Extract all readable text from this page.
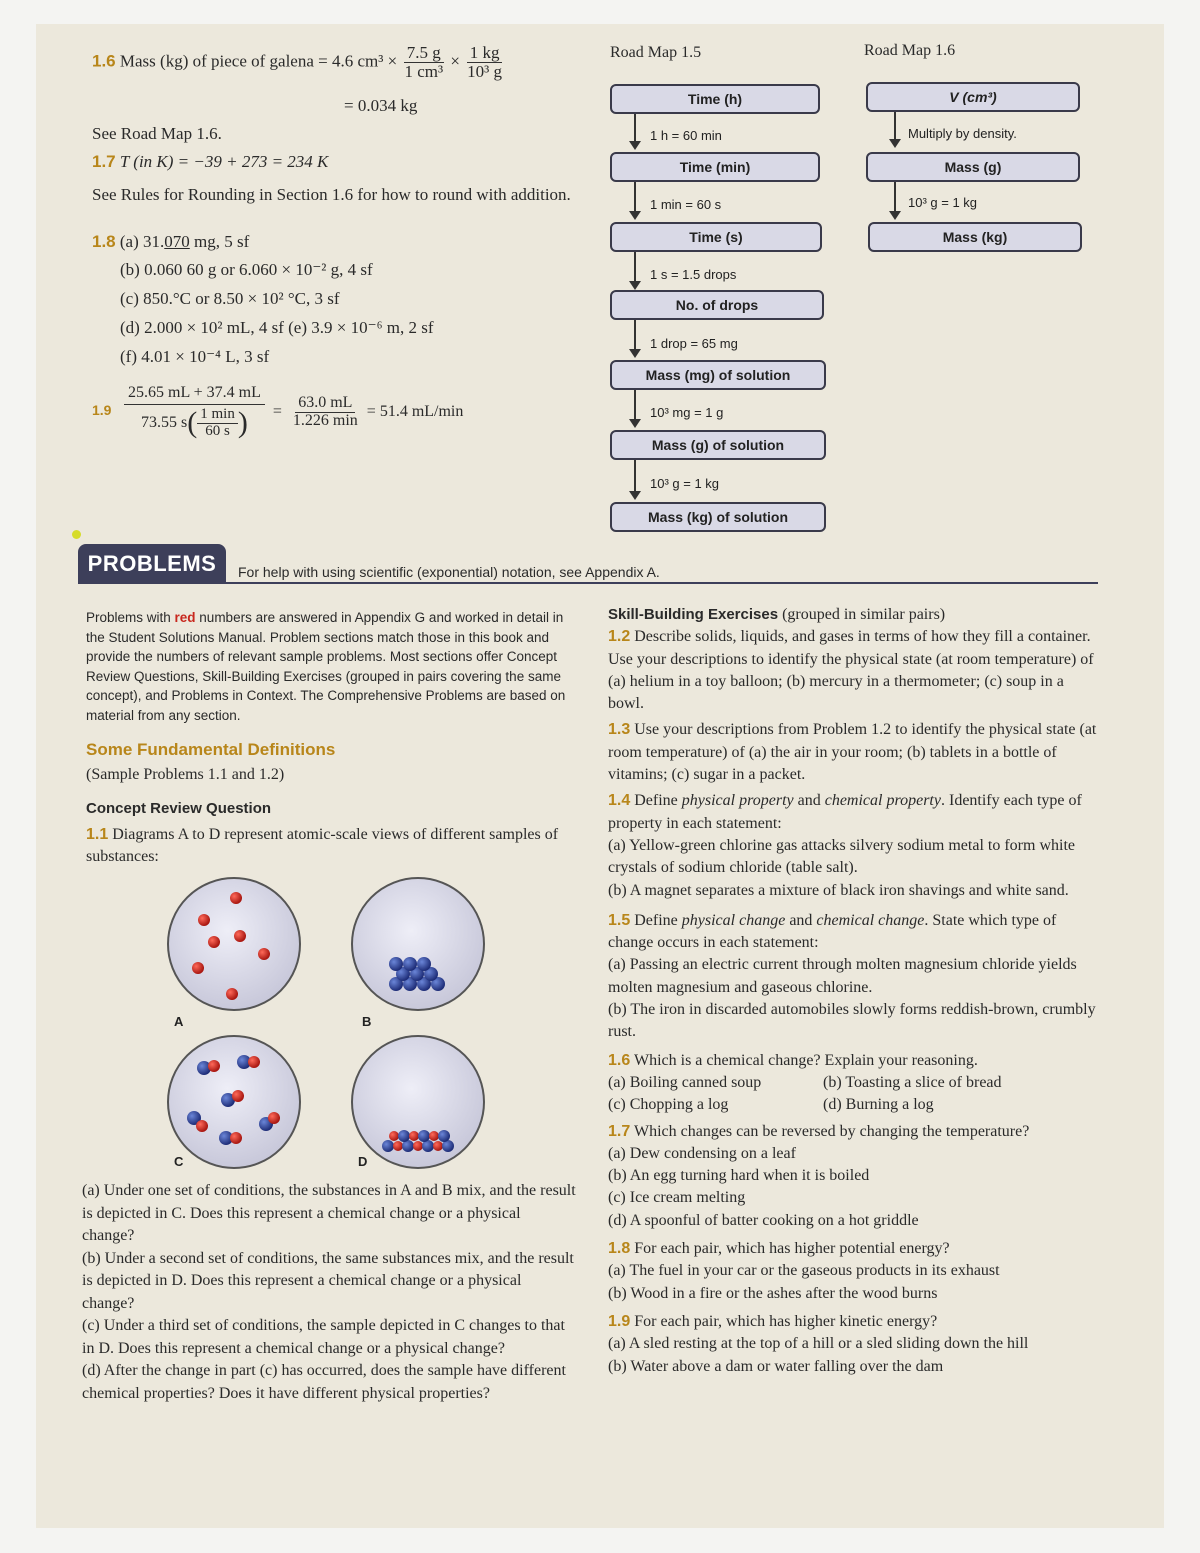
1.6 Mass (kg) of piece of galena = 4.6 $cm^3 \times \frac{7.5 g}{\text{1 cm³}} \times \frac{1 kg}{\text{10³ g}}$
= 0.034 kg
See Road Map 1.6.
1.7 T (in K) = −39 + 273 = 234 K
See Rules for Rounding in Section 1.6 for how to round with addition.
1.8 (a) 31.070 mg, 5 sf
(b) 0.060 60 g or 6.060 × 10⁻² g, 4 sf
(c) 850.°C or 8.50 × 10² °C, 3 sf
(d) 2.000 × 10² mL, 4 sf (e) 3.9 × 10⁻⁶ m, 2 sf
(f) 4.01 × 10⁻⁴ L, 3 sf
1.9
25.65 mL + 37.4 mL
73.55 s ( $\frac{1 \min}{60 s}$ ) = $\frac{63.0 mL}{1.226 \min} = 51.4$ mL/min
Road Map 1.5
Time (h)
1 h = 60 min
Time (min)
1 min = 60 s
Time (s)
1 s = 1.5 drops
No. of drops
1 drop = 65 mg
Mass (mg) of solution
10³ mg = 1 g
Mass (g) of solution
10³ g = 1 kg
Mass (kg) of solution
Road Map 1.6
V (cm³)
Multiply by density.
Mass (g)
10³ g = 1 kg
Mass (kg)
PROBLEMS	For help with using scientific (exponential) notation, see Appendix A.
Problems with red numbers are answered in Appendix G and worked in detail in the Student Solutions Manual. Problem sections match those in this book and provide the numbers of relevant sample problems. Most sections offer Concept Review Questions, Skill-Building Exercises (grouped in pairs covering the same concept), and Problems in Context. The Comprehensive Problems are based on material from any section.
Some Fundamental Definitions
(Sample Problems 1.1 and 1.2)
Concept Review Question
1.1 Diagrams A to D represent atomic-scale views of different samples of substances:
A	B
C	D

(a) Under one set of conditions, the substances in A and B mix, and the result is depicted in C. Does this represent a chemical change or a physical change?

(b) Under a second set of conditions, the same substances mix, and the result is depicted in D. Does this represent a chemical change or a physical change?

(c) Under a third set of conditions, the sample depicted in C changes to that in D. Does this represent a chemical change or a physical change?

(d) After the change in part (c) has occurred, does the sample have different chemical properties? Does it have different physical properties?

Skill-Building Exercises (grouped in similar pairs)

1.2 Describe solids, liquids, and gases in terms of how they fill a container. Use your descriptions to identify the physical state (at room temperature) of (a) helium in a toy balloon; (b) mercury in a thermometer; (c) soup in a bowl.

1.3 Use your descriptions from Problem 1.2 to identify the physical state (at room temperature) of (a) the air in your room; (b) tablets in a bottle of vitamins; (c) sugar in a packet.

1.4 Define physical property and chemical property. Identify each type of property in each statement:

(a) Yellow-green chlorine gas attacks silvery sodium metal to form white crystals of sodium chloride (table salt).

(b) A magnet separates a mixture of black iron shavings and white sand.

1.5 Define physical change and chemical change. State which type of change occurs in each statement:

(a) Passing an electric current through molten magnesium chloride yields molten magnesium and gaseous chlorine.

(b) The iron in discarded automobiles slowly forms reddish-brown, crumbly rust.

1.6 Which is a chemical change? Explain your reasoning.

(a) Boiling canned soup	(b) Toasting a slice of bread
(c) Chopping a log	(d) Burning a log

1.7 Which changes can be reversed by changing the temperature?

(a) Dew condensing on a leaf

(b) An egg turning hard when it is boiled

(c) Ice cream melting

(d) A spoonful of batter cooking on a hot griddle

1.8 For each pair, which has higher potential energy?

(a) The fuel in your car or the gaseous products in its exhaust

(b) Wood in a fire or the ashes after the wood burns

1.9 For each pair, which has higher kinetic energy?

(a) A sled resting at the top of a hill or a sled sliding down the hill

(b) Water above a dam or water falling over the dam
